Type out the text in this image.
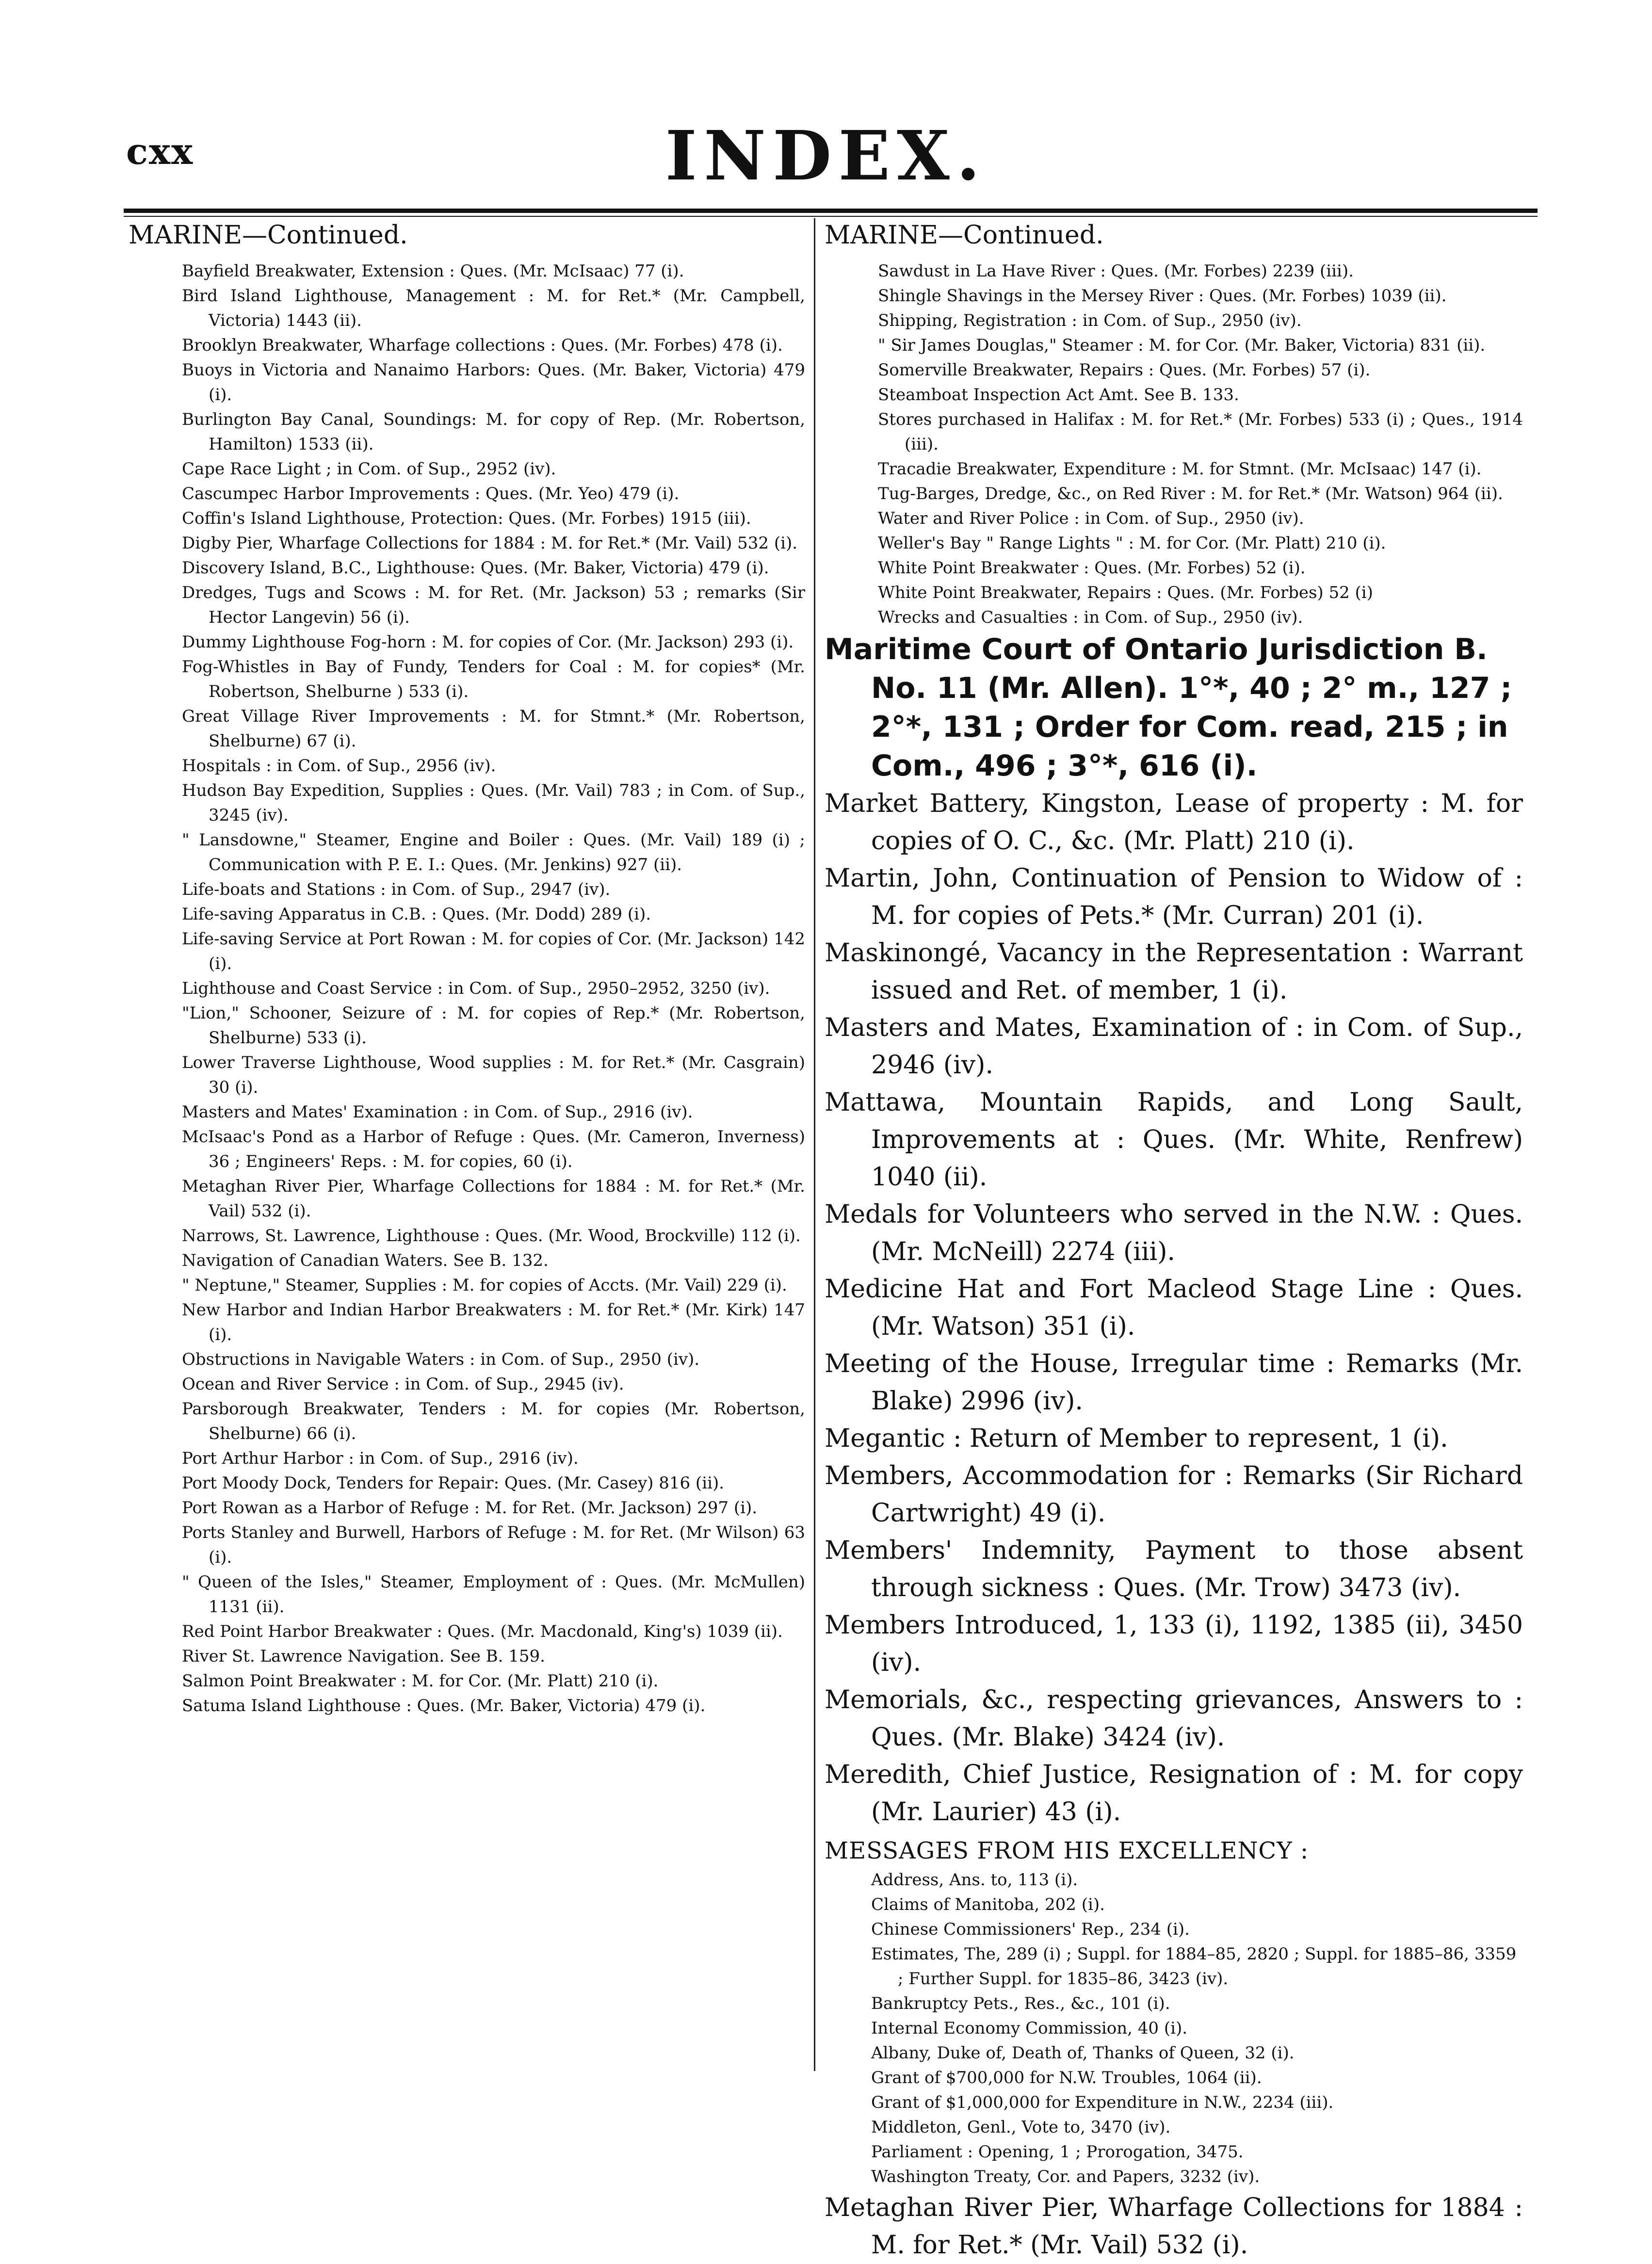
cxx	INDEX.
MARINE—Continued.
Bayfield Breakwater, Extension : Ques. (Mr. McIsaac) 77 (i).
Bird Island Lighthouse, Management : M. for Ret.* (Mr. Campbell, Victoria) 1443 (ii).
Brooklyn Breakwater, Wharfage collections : Ques. (Mr. Forbes) 478 (i).
Buoys in Victoria and Nanaimo Harbors: Ques. (Mr. Baker, Victoria) 479 (i).
Burlington Bay Canal, Soundings: M. for copy of Rep. (Mr. Robertson, Hamilton) 1533 (ii).
Cape Race Light ; in Com. of Sup., 2952 (iv).
Cascumpec Harbor Improvements : Ques. (Mr. Yeo) 479 (i).
Coffin's Island Lighthouse, Protection: Ques. (Mr. Forbes) 1915 (iii).
Digby Pier, Wharfage Collections for 1884 : M. for Ret.* (Mr. Vail) 532 (i).
Discovery Island, B.C., Lighthouse: Ques. (Mr. Baker, Victoria) 479 (i).
Dredges, Tugs and Scows : M. for Ret. (Mr. Jackson) 53 ; remarks (Sir Hector Langevin) 56 (i).
Dummy Lighthouse Fog-horn : M. for copies of Cor. (Mr. Jackson) 293 (i).
Fog-Whistles in Bay of Fundy, Tenders for Coal : M. for copies* (Mr. Robertson, Shelburne ) 533 (i).
Great Village River Improvements : M. for Stmnt.* (Mr. Robertson, Shelburne) 67 (i).
Hospitals : in Com. of Sup., 2956 (iv).
Hudson Bay Expedition, Supplies : Ques. (Mr. Vail) 783 ; in Com. of Sup., 3245 (iv).
" Lansdowne," Steamer, Engine and Boiler : Ques. (Mr. Vail) 189 (i) ; Communication with P. E. I.: Ques. (Mr. Jenkins) 927 (ii).
Life-boats and Stations : in Com. of Sup., 2947 (iv).
Life-saving Apparatus in C.B. : Ques. (Mr. Dodd) 289 (i).
Life-saving Service at Port Rowan : M. for copies of Cor. (Mr. Jackson) 142 (i).
Lighthouse and Coast Service : in Com. of Sup., 2950–2952, 3250 (iv).
"Lion," Schooner, Seizure of : M. for copies of Rep.* (Mr. Robertson, Shelburne) 533 (i).
Lower Traverse Lighthouse, Wood supplies : M. for Ret.* (Mr. Casgrain) 30 (i).
Masters and Mates' Examination : in Com. of Sup., 2916 (iv).
McIsaac's Pond as a Harbor of Refuge : Ques. (Mr. Cameron, Inverness) 36 ; Engineers' Reps. : M. for copies, 60 (i).
Metaghan River Pier, Wharfage Collections for 1884 : M. for Ret.* (Mr. Vail) 532 (i).
Narrows, St. Lawrence, Lighthouse : Ques. (Mr. Wood, Brockville) 112 (i).
Navigation of Canadian Waters. See B. 132.
" Neptune," Steamer, Supplies : M. for copies of Accts. (Mr. Vail) 229 (i).
New Harbor and Indian Harbor Breakwaters : M. for Ret.* (Mr. Kirk) 147 (i).
Obstructions in Navigable Waters : in Com. of Sup., 2950 (iv).
Ocean and River Service : in Com. of Sup., 2945 (iv).
Parsborough Breakwater, Tenders : M. for copies (Mr. Robertson, Shelburne) 66 (i).
Port Arthur Harbor : in Com. of Sup., 2916 (iv).
Port Moody Dock, Tenders for Repair: Ques. (Mr. Casey) 816 (ii).
Port Rowan as a Harbor of Refuge : M. for Ret. (Mr. Jackson) 297 (i).
Ports Stanley and Burwell, Harbors of Refuge : M. for Ret. (Mr Wilson) 63 (i).
" Queen of the Isles," Steamer, Employment of : Ques. (Mr. McMullen) 1131 (ii).
Red Point Harbor Breakwater : Ques. (Mr. Macdonald, King's) 1039 (ii).
River St. Lawrence Navigation. See B. 159.
Salmon Point Breakwater : M. for Cor. (Mr. Platt) 210 (i).
Satuma Island Lighthouse : Ques. (Mr. Baker, Victoria) 479 (i).
MARINE—Continued.
Sawdust in La Have River : Ques. (Mr. Forbes) 2239 (iii).
Shingle Shavings in the Mersey River : Ques. (Mr. Forbes) 1039 (ii).
Shipping, Registration : in Com. of Sup., 2950 (iv).
" Sir James Douglas," Steamer : M. for Cor. (Mr. Baker, Victoria) 831 (ii).
Somerville Breakwater, Repairs : Ques. (Mr. Forbes) 57 (i).
Steamboat Inspection Act Amt. See B. 133.
Stores purchased in Halifax : M. for Ret.* (Mr. Forbes) 533 (i) ; Ques., 1914 (iii).
Tracadie Breakwater, Expenditure : M. for Stmnt. (Mr. McIsaac) 147 (i).
Tug-Barges, Dredge, &c., on Red River : M. for Ret.* (Mr. Watson) 964 (ii).
Water and River Police : in Com. of Sup., 2950 (iv).
Weller's Bay " Range Lights " : M. for Cor. (Mr. Platt) 210 (i).
White Point Breakwater : Ques. (Mr. Forbes) 52 (i).
White Point Breakwater, Repairs : Ques. (Mr. Forbes) 52 (i)
Wrecks and Casualties : in Com. of Sup., 2950 (iv).
Maritime Court of Ontario Jurisdiction B. No. 11 (Mr. Allen). 1°*, 40 ; 2° m., 127 ; 2°*, 131 ; Order for Com. read, 215 ; in Com., 496 ; 3°*, 616 (i).
Market Battery, Kingston, Lease of property : M. for copies of O. C., &c. (Mr. Platt) 210 (i).
Martin, John, Continuation of Pension to Widow of : M. for copies of Pets.* (Mr. Curran) 201 (i).
Maskinongé, Vacancy in the Representation : Warrant issued and Ret. of member, 1 (i).
Masters and Mates, Examination of : in Com. of Sup., 2946 (iv).
Mattawa, Mountain Rapids, and Long Sault, Improvements at : Ques. (Mr. White, Renfrew) 1040 (ii).
Medals for Volunteers who served in the N.W. : Ques. (Mr. McNeill) 2274 (iii).
Medicine Hat and Fort Macleod Stage Line : Ques. (Mr. Watson) 351 (i).
Meeting of the House, Irregular time : Remarks (Mr. Blake) 2996 (iv).
Megantic : Return of Member to represent, 1 (i).
Members, Accommodation for : Remarks (Sir Richard Cartwright) 49 (i).
Members' Indemnity, Payment to those absent through sickness : Ques. (Mr. Trow) 3473 (iv).
Members Introduced, 1, 133 (i), 1192, 1385 (ii), 3450 (iv).
Memorials, &c., respecting grievances, Answers to : Ques. (Mr. Blake) 3424 (iv).
Meredith, Chief Justice, Resignation of : M. for copy (Mr. Laurier) 43 (i).
MESSAGES FROM HIS EXCELLENCY :
Address, Ans. to, 113 (i).
Claims of Manitoba, 202 (i).
Chinese Commissioners' Rep., 234 (i).
Estimates, The, 289 (i) ; Suppl. for 1884–85, 2820 ; Suppl. for 1885–86, 3359 ; Further Suppl. for 1835–86, 3423 (iv).
Bankruptcy Pets., Res., &c., 101 (i).
Internal Economy Commission, 40 (i).
Albany, Duke of, Death of, Thanks of Queen, 32 (i).
Grant of $700,000 for N.W. Troubles, 1064 (ii).
Grant of $1,000,000 for Expenditure in N.W., 2234 (iii).
Middleton, Genl., Vote to, 3470 (iv).
Parliament : Opening, 1 ; Prorogation, 3475.
Washington Treaty, Cor. and Papers, 3232 (iv).
Metaghan River Pier, Wharfage Collections for 1884 : M. for Ret.* (Mr. Vail) 532 (i).
